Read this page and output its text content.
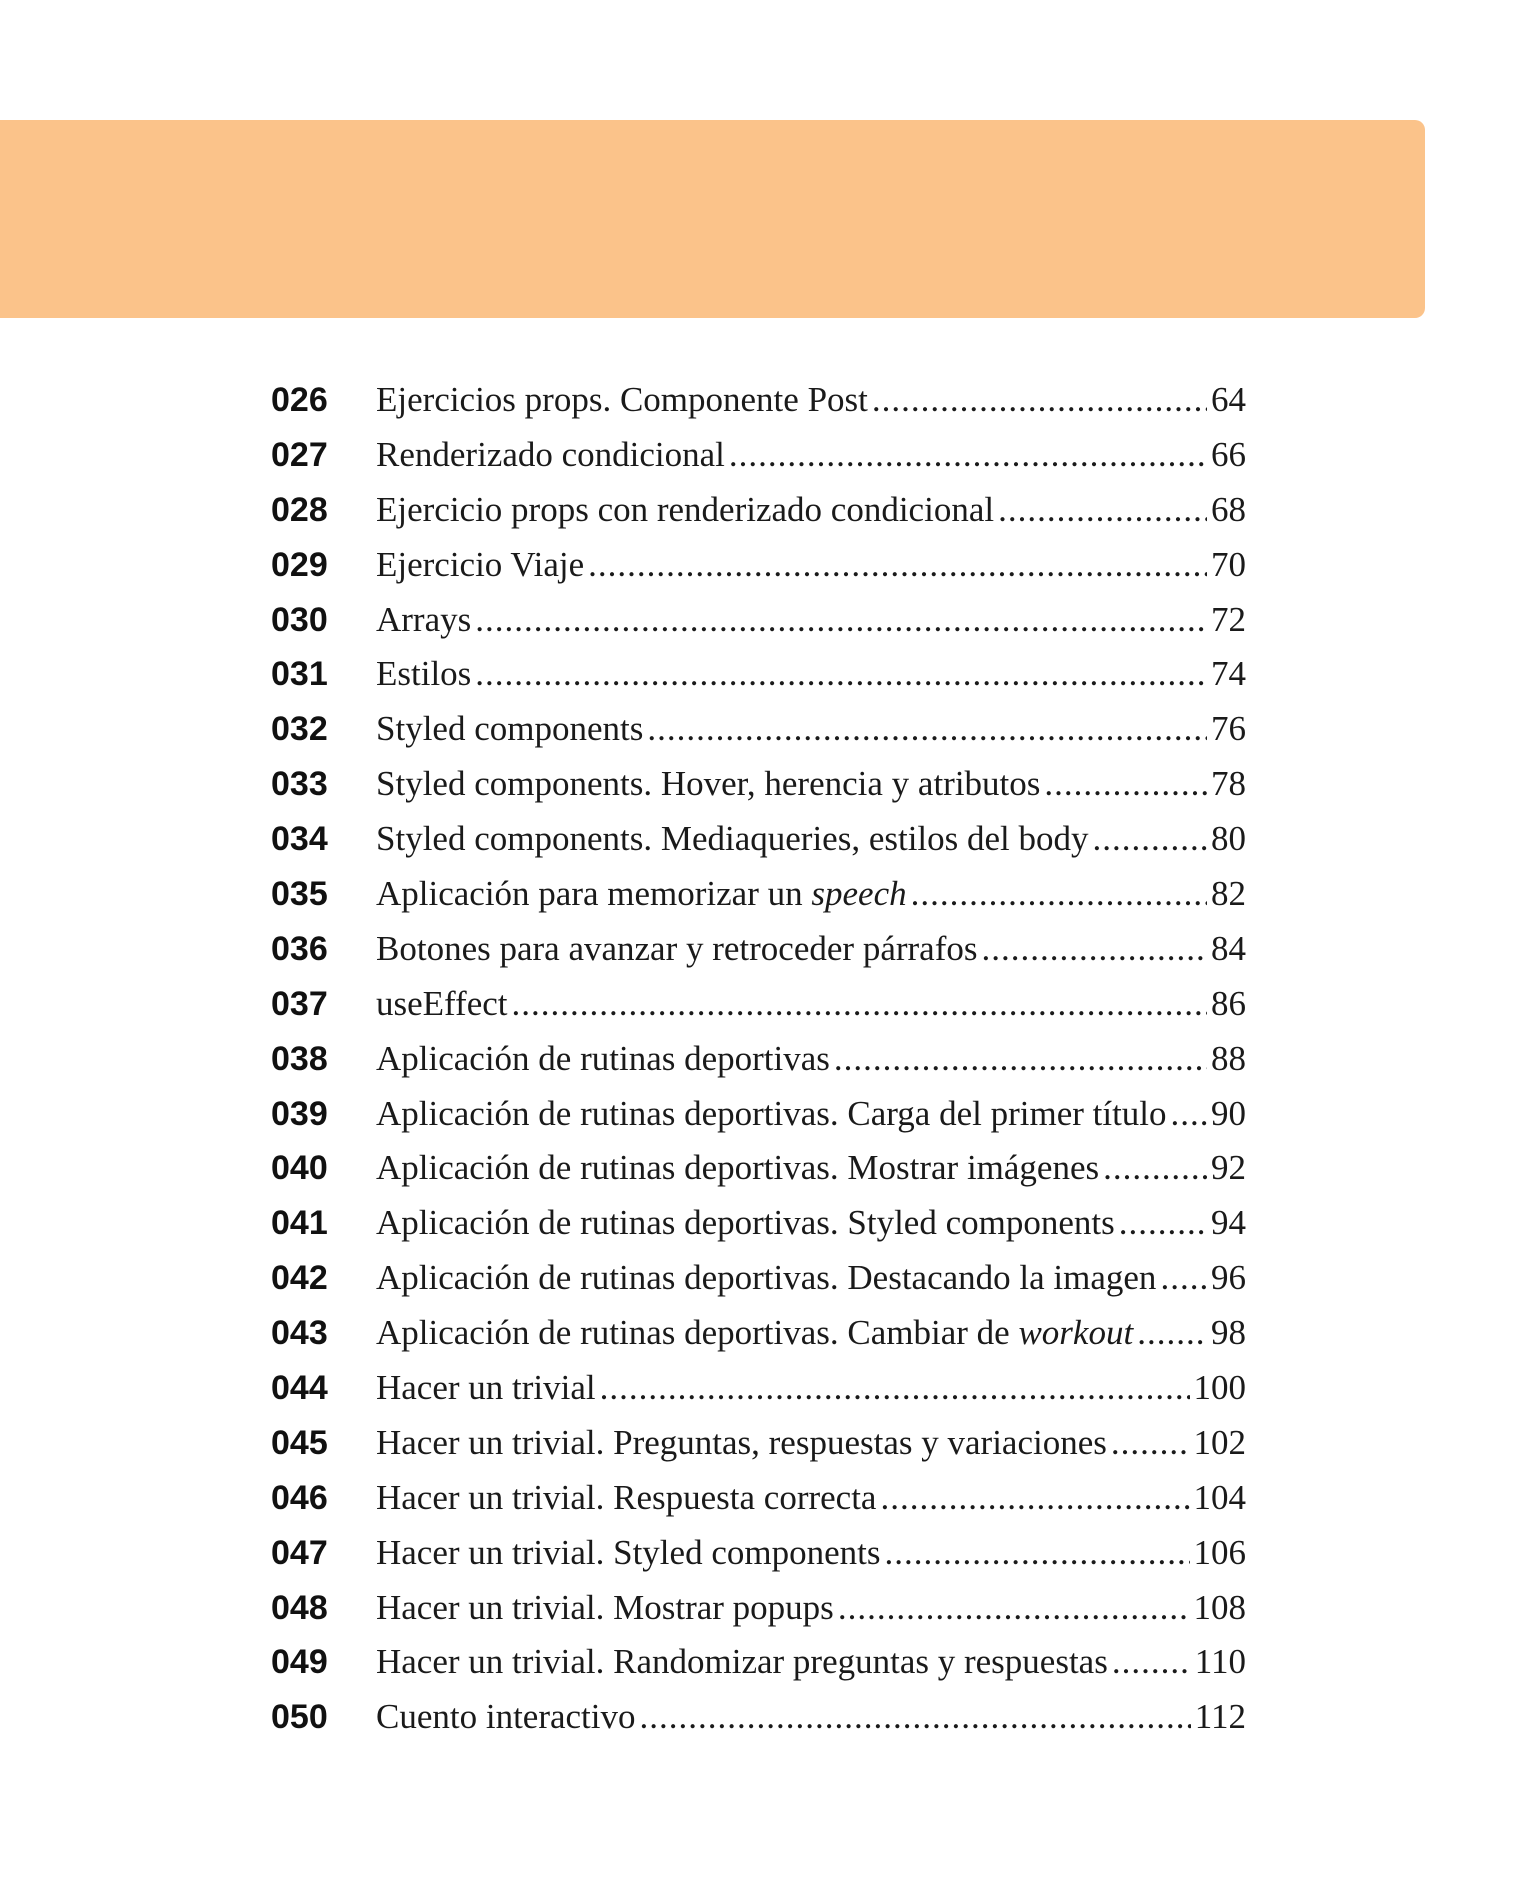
026	Ejercicios props. Componente Post .....	64
027	Renderizado condicional .....	66
028	Ejercicio props con renderizado condicional .....	68
029	Ejercicio Viaje .....	70
030	Arrays .....	72
031	Estilos .....	74
032	Styled components .....	76
033	Styled components. Hover, herencia y atributos .....	78
034	Styled components. Mediaqueries, estilos del body .....	80
035	Aplicación para memorizar un speech .....	82
036	Botones para avanzar y retroceder párrafos .....	84
037	useEffect .....	86
038	Aplicación de rutinas deportivas .....	88
039	Aplicación de rutinas deportivas. Carga del primer título ..... 90
040	Aplicación de rutinas deportivas. Mostrar imágenes .....	92
041	Aplicación de rutinas deportivas. Styled components .....	94
042	Aplicación de rutinas deportivas. Destacando la imagen ..... 96
043	Aplicación de rutinas deportivas. Cambiar de workout ..... 98
044	Hacer un trivial .....	100
045	Hacer un trivial. Preguntas, respuestas y variaciones ..... 102
046	Hacer un trivial. Respuesta correcta .....	104
047	Hacer un trivial. Styled components .....	106
048	Hacer un trivial. Mostrar popups .....	108
049	Hacer un trivial. Randomizar preguntas y respuestas ..... 110
050	Cuento interactivo .....	112
